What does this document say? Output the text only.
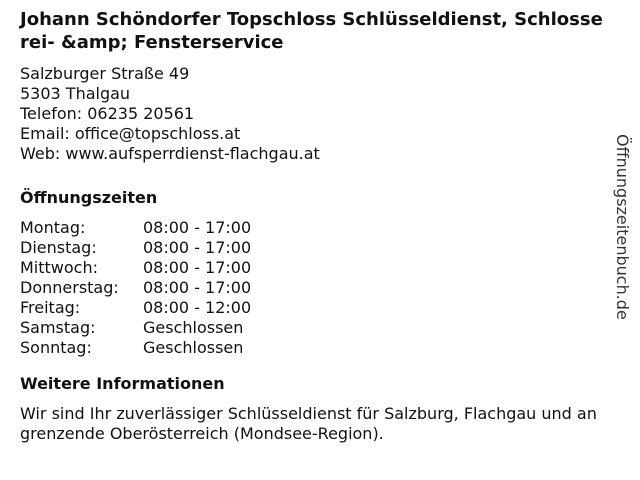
Johann Schöndorfer Topschloss Schlüsseldienst, Schlosserei- &amp; Fensterservice
Salzburger Straße 49
5303 Thalgau
Telefon: 06235 20561
Email: office@topschloss.at
Web: www.aufsperrdienst-flachgau.at
Öffnungszeiten
Montag:	08:00 - 17:00
Dienstag:	08:00 - 17:00
Mittwoch:	08:00 - 17:00
Donnerstag:	08:00 - 17:00
Freitag:	08:00 - 12:00
Samstag:	Geschlossen
Sonntag:	Geschlossen
Weitere Informationen
Wir sind Ihr zuverlässiger Schlüsseldienst für Salzburg, Flachgau und angrenzende Oberösterreich (Mondsee-Region).
Öffnungszeitenbuch.de
